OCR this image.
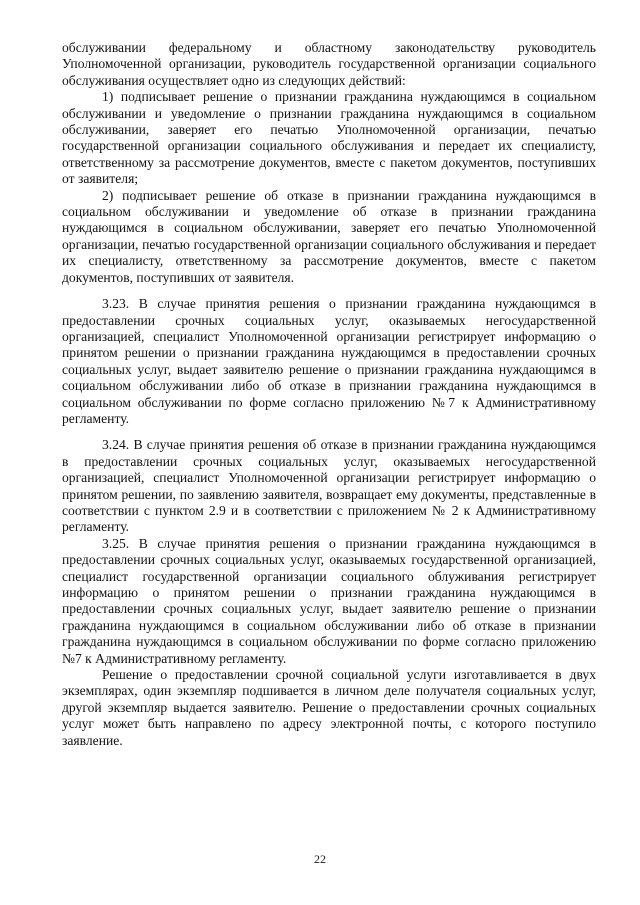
обслуживании федеральному и областному законодательству руководитель Уполномоченной организации, руководитель государственной организации социального обслуживания осуществляет одно из следующих действий:

1) подписывает решение о признании гражданина нуждающимся в социальном обслуживании и уведомление о признании гражданина нуждающимся в социальном обслуживании, заверяет его печатью Уполномоченной организации, печатью государственной организации социального обслуживания и передает их специалисту, ответственному за рассмотрение документов, вместе с пакетом документов, поступивших от заявителя;

2) подписывает решение об отказе в признании гражданина нуждающимся в социальном обслуживании и уведомление об отказе в признании гражданина нуждающимся в социальном обслуживании, заверяет его печатью Уполномоченной организации, печатью государственной организации социального обслуживания и передает их специалисту, ответственному за рассмотрение документов, вместе с пакетом документов, поступивших от заявителя.

3.23. В случае принятия решения о признании гражданина нуждающимся в предоставлении срочных социальных услуг, оказываемых негосударственной организацией, специалист Уполномоченной организации регистрирует информацию о принятом решении о признании гражданина нуждающимся в предоставлении срочных социальных услуг, выдает заявителю решение о признании гражданина нуждающимся в социальном обслуживании либо об отказе в признании гражданина нуждающимся в социальном обслуживании по форме согласно приложению №7 к Административному регламенту.

3.24. В случае принятия решения об отказе в признании гражданина нуждающимся в предоставлении срочных социальных услуг, оказываемых негосударственной организацией, специалист Уполномоченной организации регистрирует информацию о принятом решении, по заявлению заявителя, возвращает ему документы, представленные в соответствии с пунктом 2.9 и в соответствии с приложением № 2 к Административному регламенту.

3.25. В случае принятия решения о признании гражданина нуждающимся в предоставлении срочных социальных услуг, оказываемых государственной организацией, специалист государственной организации социального облуживания регистрирует информацию о принятом решении о признании гражданина нуждающимся в предоставлении срочных социальных услуг, выдает заявителю решение о признании гражданина нуждающимся в социальном обслуживании либо об отказе в признании гражданина нуждающимся в социальном обслуживании по форме согласно приложению №7 к Административному регламенту.

Решение о предоставлении срочной социальной услуги изготавливается в двух экземплярах, один экземпляр подшивается в личном деле получателя социальных услуг, другой экземпляр выдается заявителю. Решение о предоставлении срочных социальных услуг может быть направлено по адресу электронной почты, с которого поступило заявление.

22
